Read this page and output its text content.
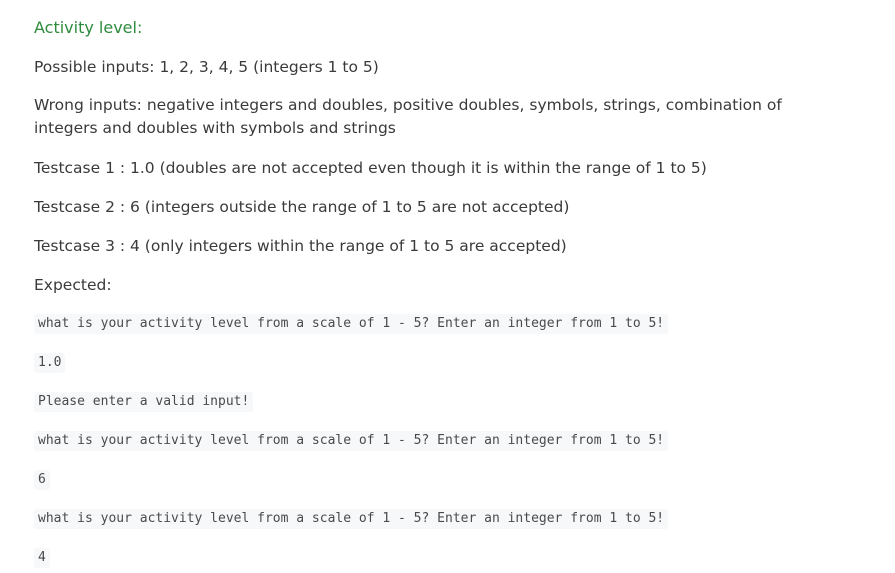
Activity level:

Possible inputs: 1, 2, 3, 4, 5 (integers 1 to 5)

Wrong inputs: negative integers and doubles, positive doubles, symbols, strings, combination of integers and doubles with symbols and strings

Testcase 1 : 1.0 (doubles are not accepted even though it is within the range of 1 to 5)

Testcase 2 : 6 (integers outside the range of 1 to 5 are not accepted)

Testcase 3 : 4 (only integers within the range of 1 to 5 are accepted)

Expected:

what is your activity level from a scale of 1 - 5? Enter an integer from 1 to 5!
1.0
Please enter a valid input!
what is your activity level from a scale of 1 - 5? Enter an integer from 1 to 5!
6
what is your activity level from a scale of 1 - 5? Enter an integer from 1 to 5!
4
